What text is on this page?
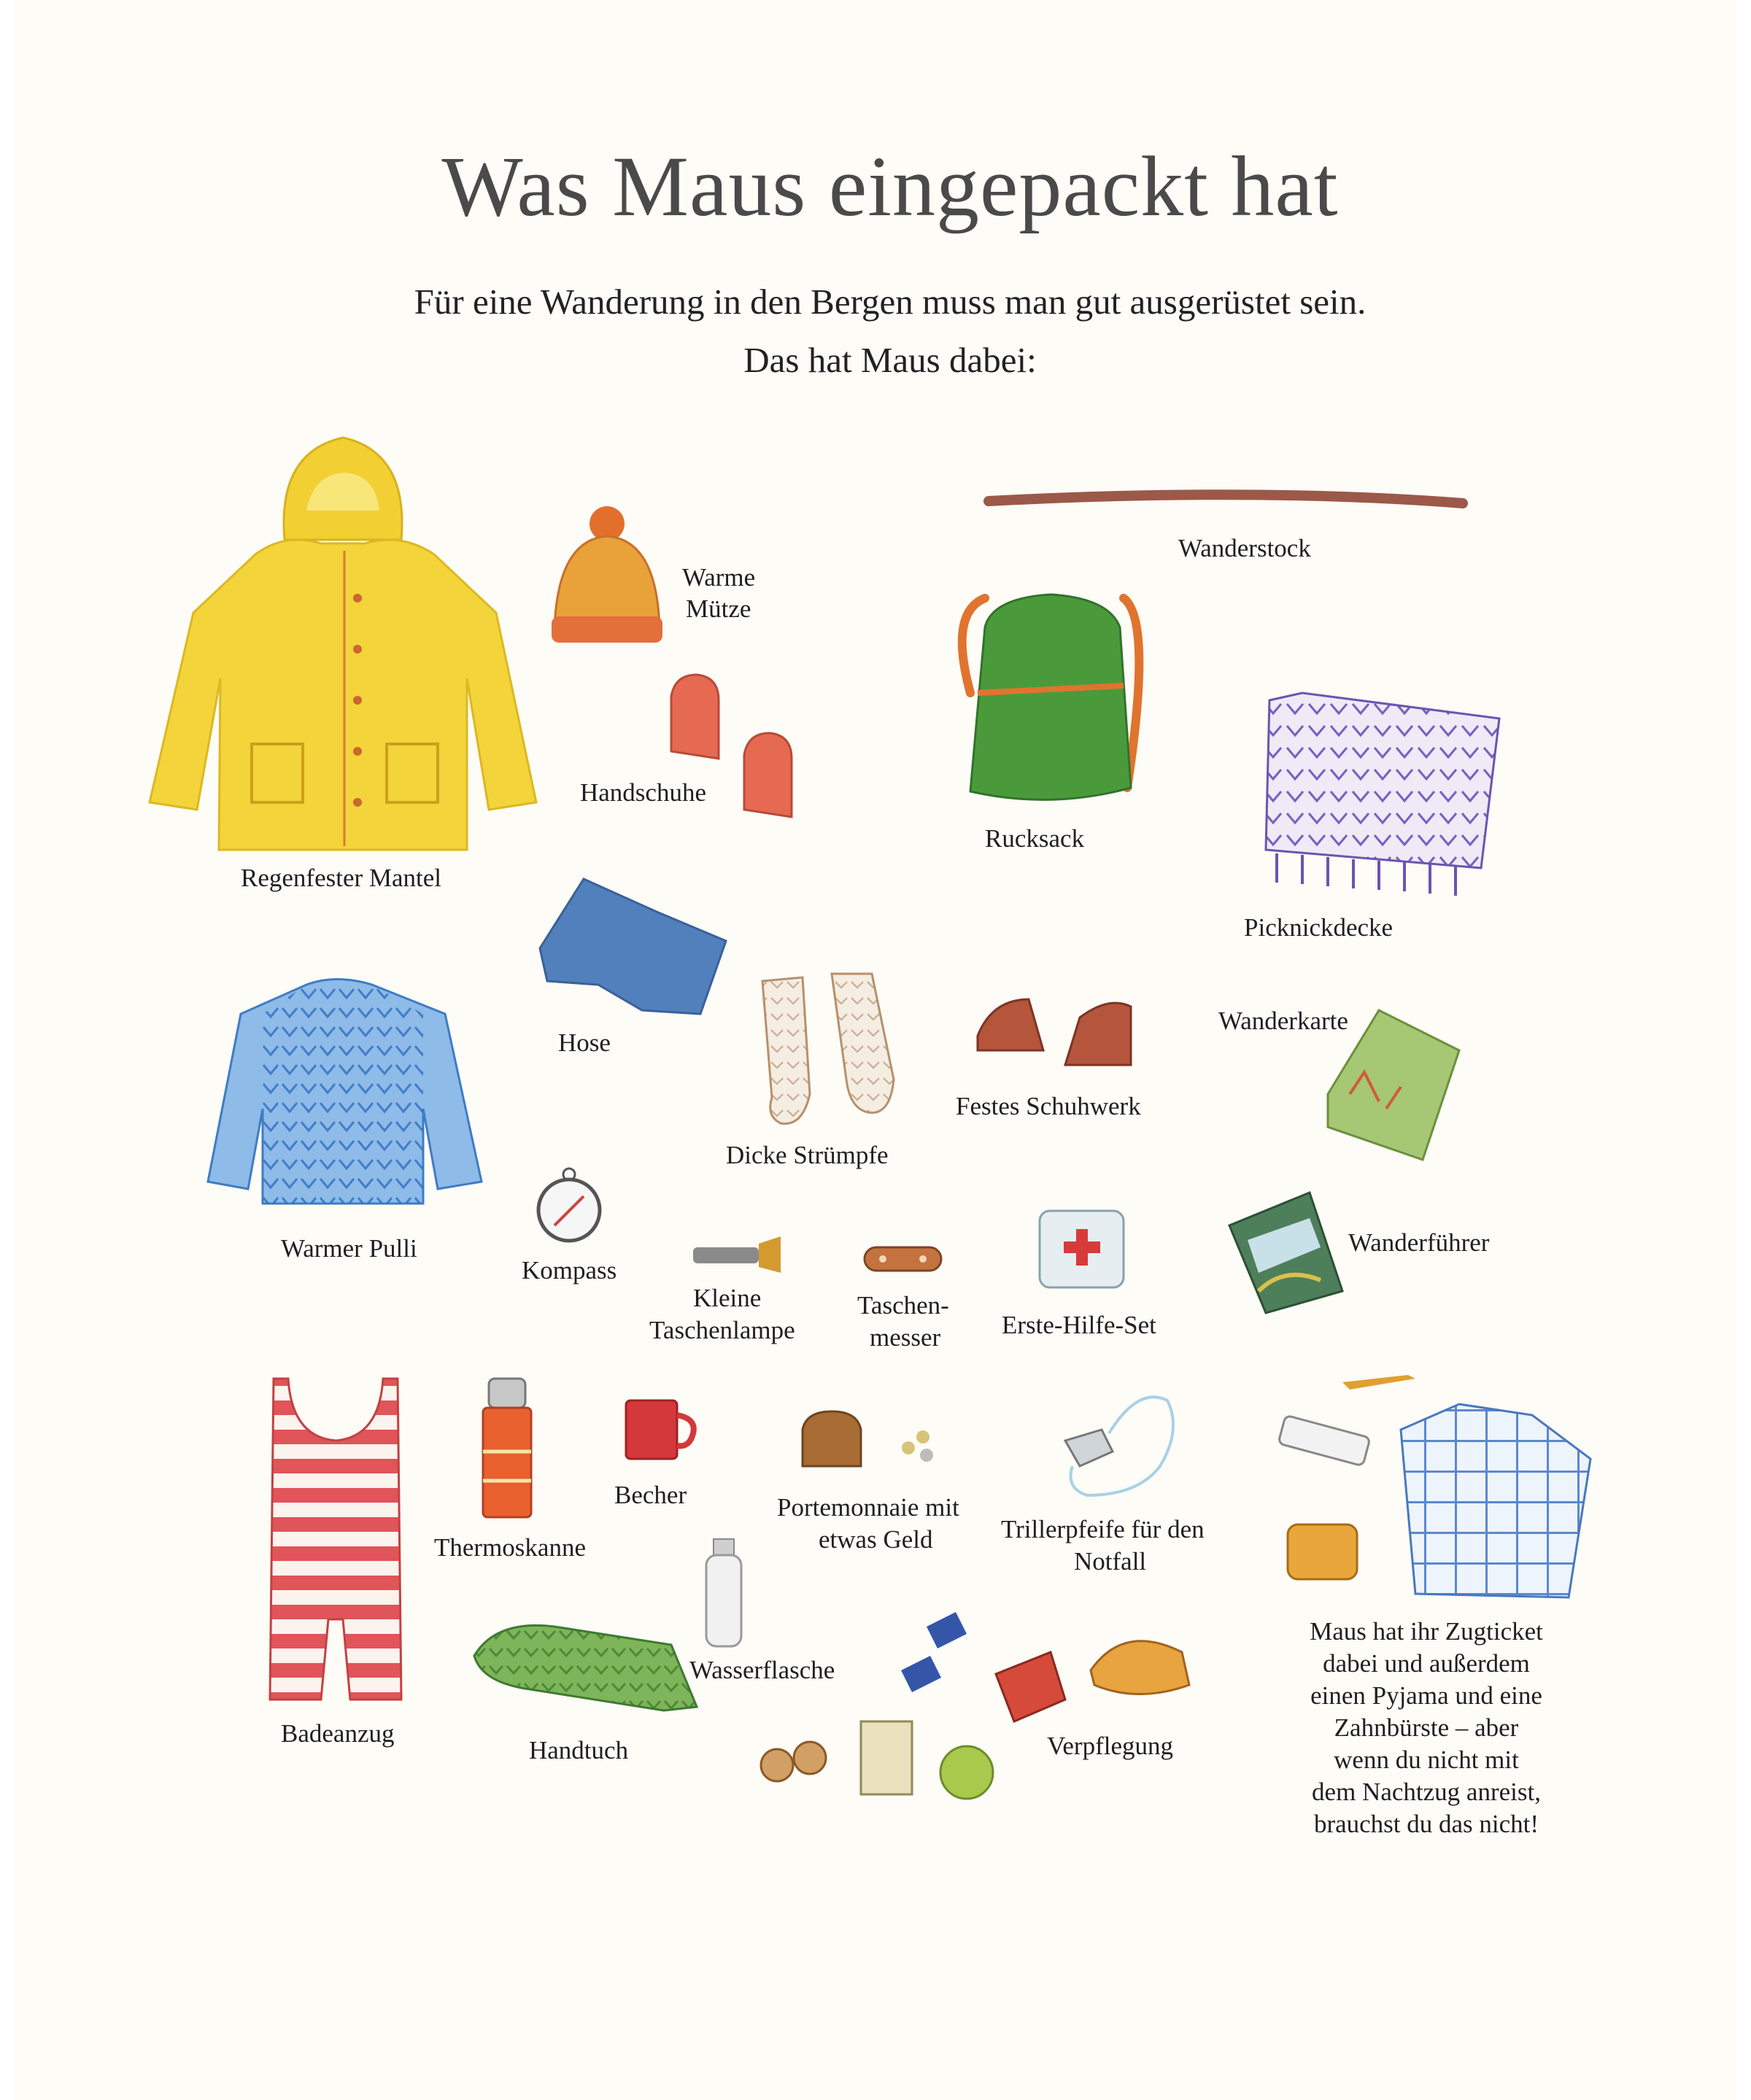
Was Maus eingepackt hat
Für eine Wanderung in den Bergen muss man gut ausgerüstet sein.
Das hat Maus dabei:
Regenfester Mantel
Warme
Mütze
Handschuhe
Wanderstock
Rucksack
Picknickdecke
Hose
Warmer Pulli
Dicke Strümpfe
Festes Schuhwerk
Wanderkarte
Kompass
Kleine
Taschenlampe
Taschen-
messer Erste-Hilfe-Set
Wanderführer
Badeanzug
Thermoskanne
Becher	Portemonnaie mit
etwas Geld	Trillerpfeife für den
Notfall
Wasserflasche
Handtuch	Verpflegung
Maus hat ihr Zugticket
dabei und außerdem
einen Pyjama und eine
Zahnbürste – aber
wenn du nicht mit
dem Nachtzug anreist,
brauchst du das nicht!
